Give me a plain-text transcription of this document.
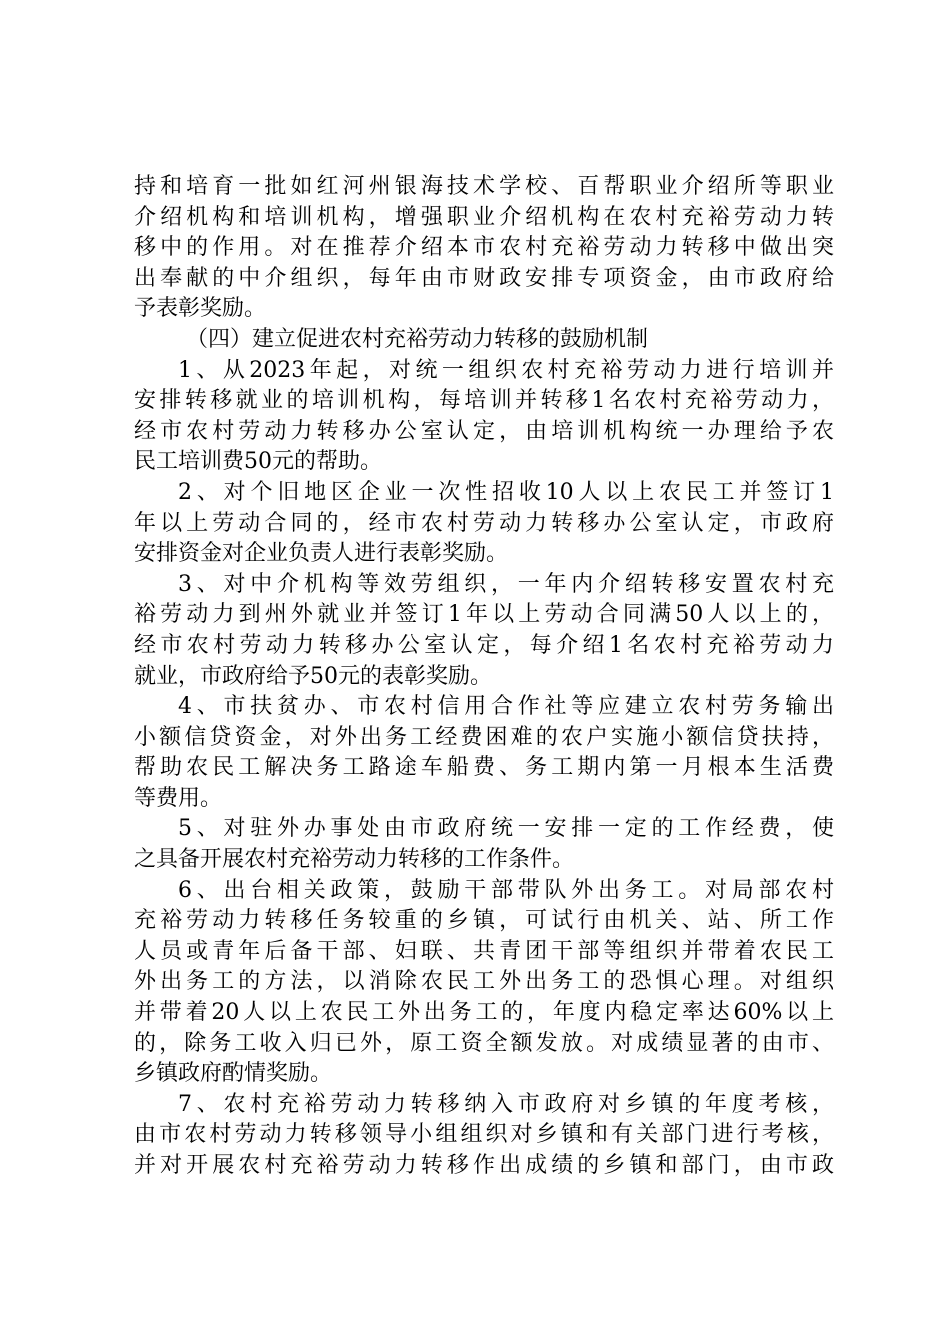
持和培育一批如红河州银海技术学校、百帮职业介绍所等职业
介绍机构和培训机构，增强职业介绍机构在农村充裕劳动力转
移中的作用。对在推荐介绍本市农村充裕劳动力转移中做出突
出奉献的中介组织，每年由市财政安排专项资金，由市政府给
予表彰奖励。
（四）建立促进农村充裕劳动力转移的鼓励机制
1、从2023年起，对统一组织农村充裕劳动力进行培训并
安排转移就业的培训机构，每培训并转移1名农村充裕劳动力，
经市农村劳动力转移办公室认定，由培训机构统一办理给予农
民工培训费50元的帮助。
2、对个旧地区企业一次性招收10人以上农民工并签订1
年以上劳动合同的，经市农村劳动力转移办公室认定，市政府
安排资金对企业负责人进行表彰奖励。
3、对中介机构等效劳组织，一年内介绍转移安置农村充
裕劳动力到州外就业并签订1年以上劳动合同满50人以上的，
经市农村劳动力转移办公室认定，每介绍1名农村充裕劳动力
就业，市政府给予50元的表彰奖励。
4、市扶贫办、市农村信用合作社等应建立农村劳务输出
小额信贷资金，对外出务工经费困难的农户实施小额信贷扶持，
帮助农民工解决务工路途车船费、务工期内第一月根本生活费
等费用。
5、对驻外办事处由市政府统一安排一定的工作经费，使
之具备开展农村充裕劳动力转移的工作条件。
6、出台相关政策，鼓励干部带队外出务工。对局部农村
充裕劳动力转移任务较重的乡镇，可试行由机关、站、所工作
人员或青年后备干部、妇联、共青团干部等组织并带着农民工
外出务工的方法，以消除农民工外出务工的恐惧心理。对组织
并带着20人以上农民工外出务工的，年度内稳定率达60%以上
的，除务工收入归已外，原工资全额发放。对成绩显著的由市、
乡镇政府酌情奖励。
7、农村充裕劳动力转移纳入市政府对乡镇的年度考核，
由市农村劳动力转移领导小组组织对乡镇和有关部门进行考核，
并对开展农村充裕劳动力转移作出成绩的乡镇和部门，由市政
